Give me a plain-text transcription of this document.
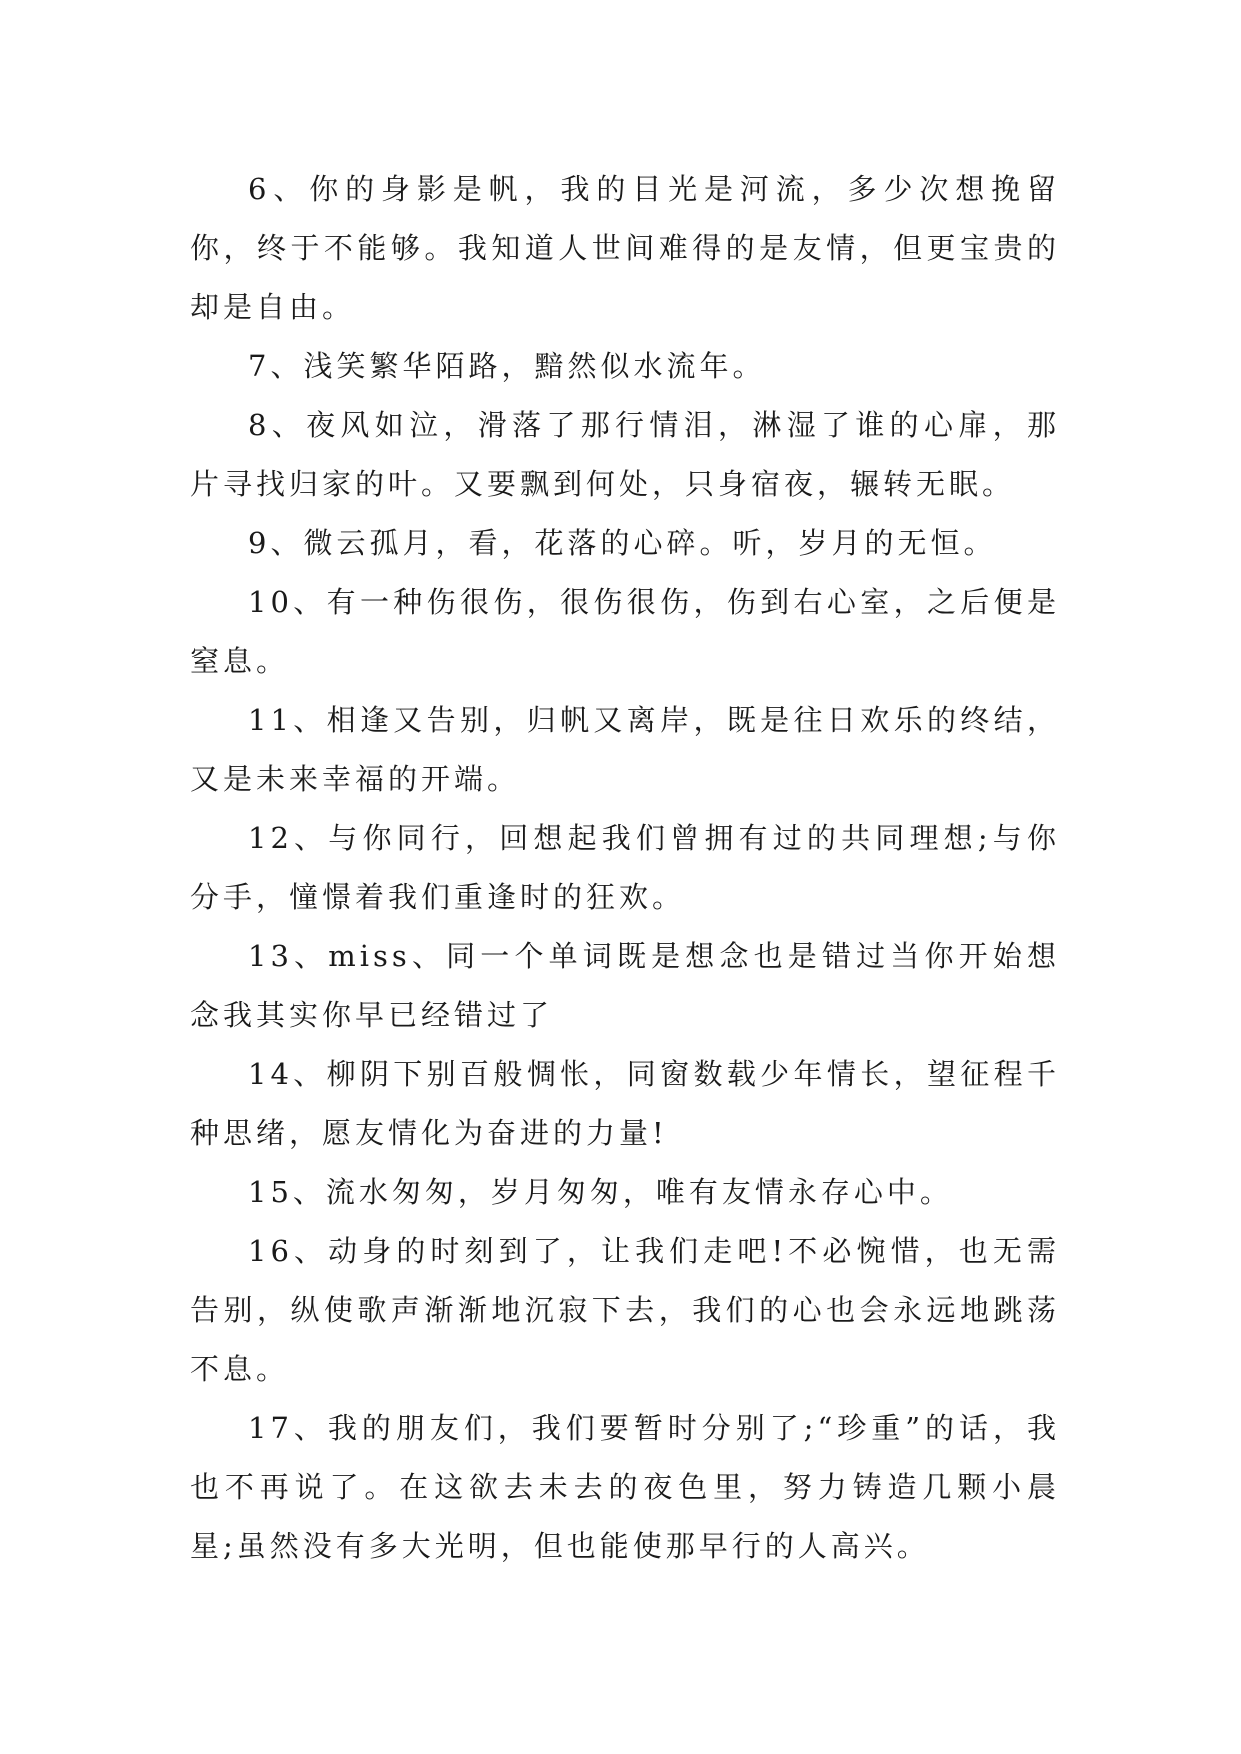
6、你的身影是帆，我的目光是河流，多少次想挽留你，终于不能够。我知道人世间难得的是友情，但更宝贵的却是自由。

7、浅笑繁华陌路，黯然似水流年。

8、夜风如泣，滑落了那行情泪，淋湿了谁的心扉，那片寻找归家的叶。又要飘到何处，只身宿夜，辗转无眠。

9、微云孤月，看，花落的心碎。听，岁月的无恒。

10、有一种伤很伤，很伤很伤，伤到右心室，之后便是窒息。

11、相逢又告别，归帆又离岸，既是往日欢乐的终结，又是未来幸福的开端。

12、与你同行，回想起我们曾拥有过的共同理想;与你分手，憧憬着我们重逢时的狂欢。

13、miss、同一个单词既是想念也是错过当你开始想念我其实你早已经错过了

14、柳阴下别百般惆怅，同窗数载少年情长，望征程千种思绪，愿友情化为奋进的力量!

15、流水匆匆，岁月匆匆，唯有友情永存心中。

16、动身的时刻到了，让我们走吧!不必惋惜，也无需告别，纵使歌声渐渐地沉寂下去，我们的心也会永远地跳荡不息。

17、我的朋友们，我们要暂时分别了;“珍重”的话，我也不再说了。在这欲去未去的夜色里，努力铸造几颗小晨星;虽然没有多大光明，但也能使那早行的人高兴。
